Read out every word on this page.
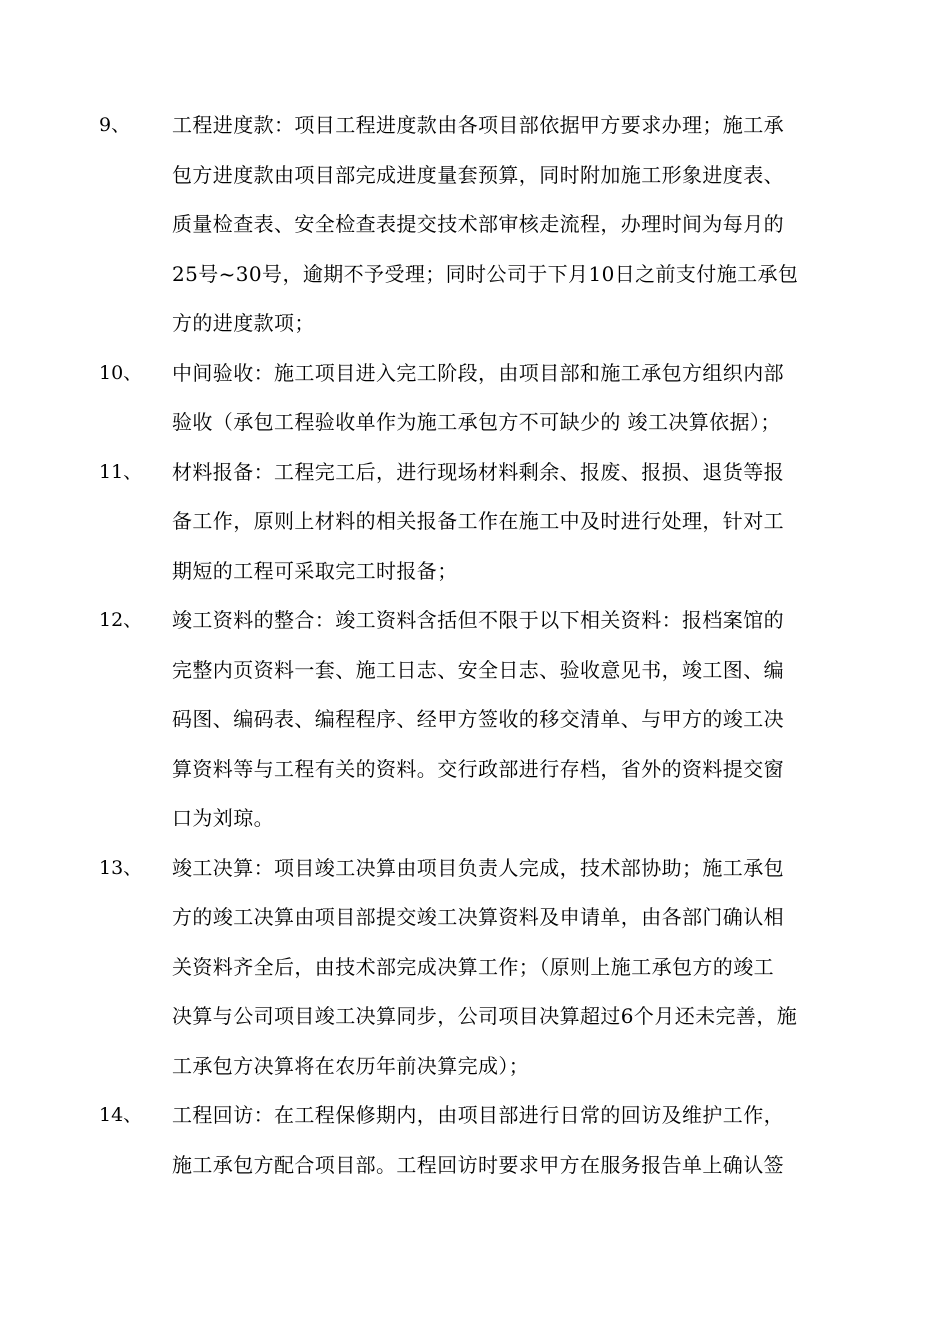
9、	工程进度款：项目工程进度款由各项目部依据甲方要求办理；施工承
包方进度款由项目部完成进度量套预算，同时附加施工形象进度表、
质量检查表、安全检查表提交技术部审核走流程，办理时间为每月的
25号~30号，逾期不予受理；同时公司于下月10日之前支付施工承包
方的进度款项；
10、	中间验收：施工项目进入完工阶段，由项目部和施工承包方组织内部
验收（承包工程验收单作为施工承包方不可缺少的 竣工决算依据）；
11、	材料报备：工程完工后，进行现场材料剩余、报废、报损、退货等报
备工作，原则上材料的相关报备工作在施工中及时进行处理，针对工
期短的工程可采取完工时报备；
12、	竣工资料的整合：竣工资料含括但不限于以下相关资料：报档案馆的
完整内页资料一套、施工日志、安全日志、验收意见书，竣工图、编
码图、编码表、编程程序、经甲方签收的移交清单、与甲方的竣工决
算资料等与工程有关的资料。交行政部进行存档，省外的资料提交窗
口为刘琼。
13、	竣工决算：项目竣工决算由项目负责人完成，技术部协助；施工承包
方的竣工决算由项目部提交竣工决算资料及申请单，由各部门确认相
关资料齐全后，由技术部完成决算工作；（原则上施工承包方的竣工
决算与公司项目竣工决算同步，公司项目决算超过6个月还未完善，施
工承包方决算将在农历年前决算完成）；
14、	工程回访：在工程保修期内，由项目部进行日常的回访及维护工作，
施工承包方配合项目部。工程回访时要求甲方在服务报告单上确认签
